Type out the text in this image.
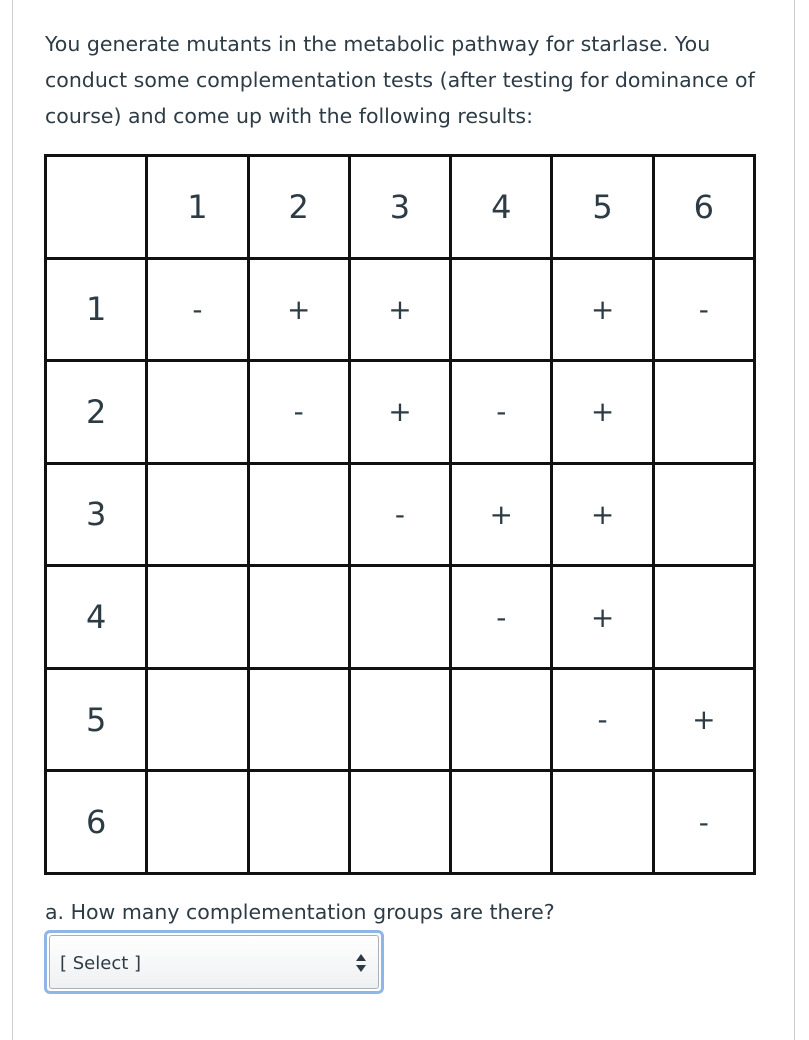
You generate mutants in the metabolic pathway for starlase. You conduct some complementation tests (after testing for dominance of course) and come up with the following results:

	1	2	3	4	5	6
1	-	+	+		+	-
2		-	+	-	+	
3			-	+	+	
4				-	+	
5					-	+
6						-

a. How many complementation groups are there?

[ Select ]
